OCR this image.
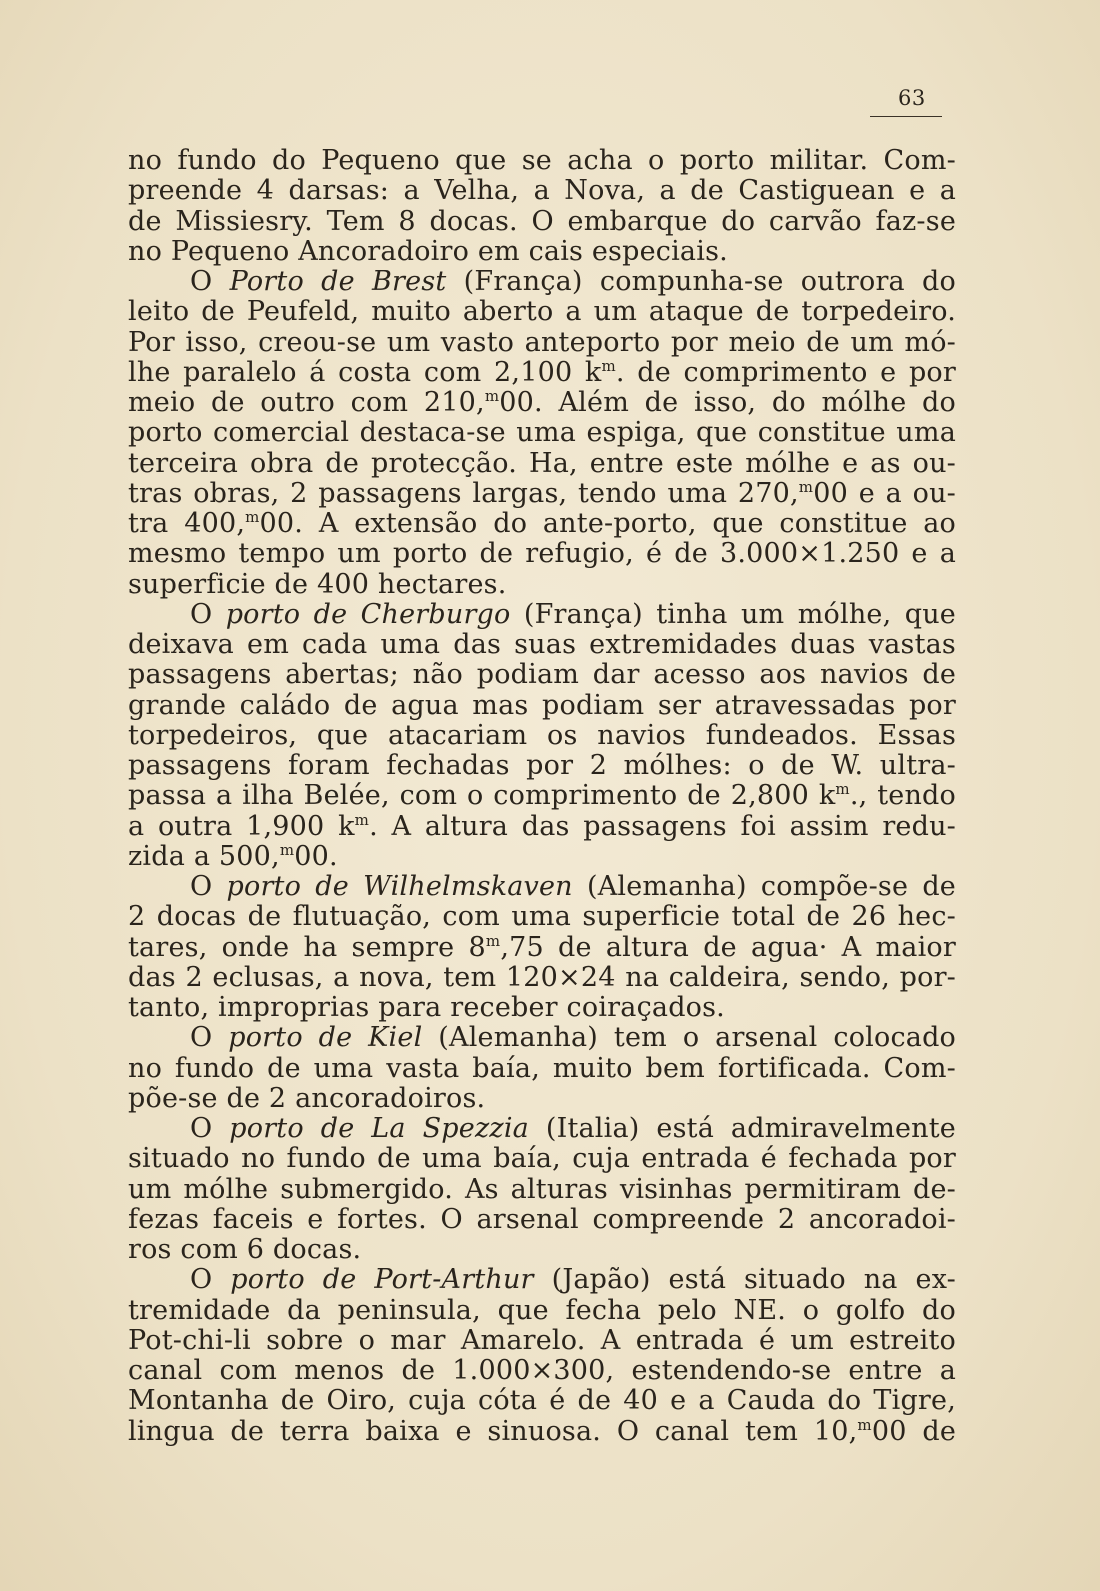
63
no fundo do Pequeno que se acha o porto militar. Com-
preende 4 darsas: a Velha, a Nova, a de Castiguean e a
de Missiesry. Tem 8 docas. O embarque do carvão faz-se
no Pequeno Ancoradoiro em cais especiais.
O Porto de Brest (França) compunha-se outrora do
leito de Peufeld, muito aberto a um ataque de torpedeiro.
Por isso, creou-se um vasto anteporto por meio de um mó-
lhe paralelo á costa com 2,100 $k^m$. de comprimento e por
meio de outro com 210,$^m$00. Além de isso, do mólhe do
porto comercial destaca-se uma espiga, que constitue uma
terceira obra de protecção. Ha, entre este mólhe e as ou-
tras obras, 2 passagens largas, tendo uma 270,$^m$00 e a ou-
tra 400,$^m$00. A extensão do ante-porto, que constitue ao
mesmo tempo um porto de refugio, é de 3.000×1.250 e a
superficie de 400 hectares.
O porto de Cherburgo (França) tinha um mólhe, que
deixava em cada uma das suas extremidades duas vastas
passagens abertas; não podiam dar acesso aos navios de
grande caládo de agua mas podiam ser atravessadas por
torpedeiros, que atacariam os navios fundeados. Essas
passagens foram fechadas por 2 mólhes: o de W. ultra-
passa a ilha Belée, com o comprimento de 2,800 $k^m$., tendo
a outra 1,900 $k^m$. A altura das passagens foi assim redu-
zida a 500,$^m$00.
O porto de Wilhelmskaven (Alemanha) compõe-se de
2 docas de flutuação, com uma superficie total de 26 hec-
tares, onde ha sempre 8$^m$,75 de altura de agua· A maior
das 2 eclusas, a nova, tem 120×24 na caldeira, sendo, por-
tanto, improprias para receber coiraçados.
O porto de Kiel (Alemanha) tem o arsenal colocado
no fundo de uma vasta baía, muito bem fortificada. Com-
põe-se de 2 ancoradoiros.
O porto de La Spezzia (Italia) está admiravelmente
situado no fundo de uma baía, cuja entrada é fechada por
um mólhe submergido. As alturas visinhas permitiram de-
fezas faceis e fortes. O arsenal compreende 2 ancoradoi-
ros com 6 docas.
O porto de Port-Arthur (Japão) está situado na ex-
tremidade da peninsula, que fecha pelo NE. o golfo do
Pot-chi-li sobre o mar Amarelo. A entrada é um estreito
canal com menos de 1.000×300, estendendo-se entre a
Montanha de Oiro, cuja cóta é de 40 e a Cauda do Tigre,
lingua de terra baixa e sinuosa. O canal tem 10,$^m$00 de
